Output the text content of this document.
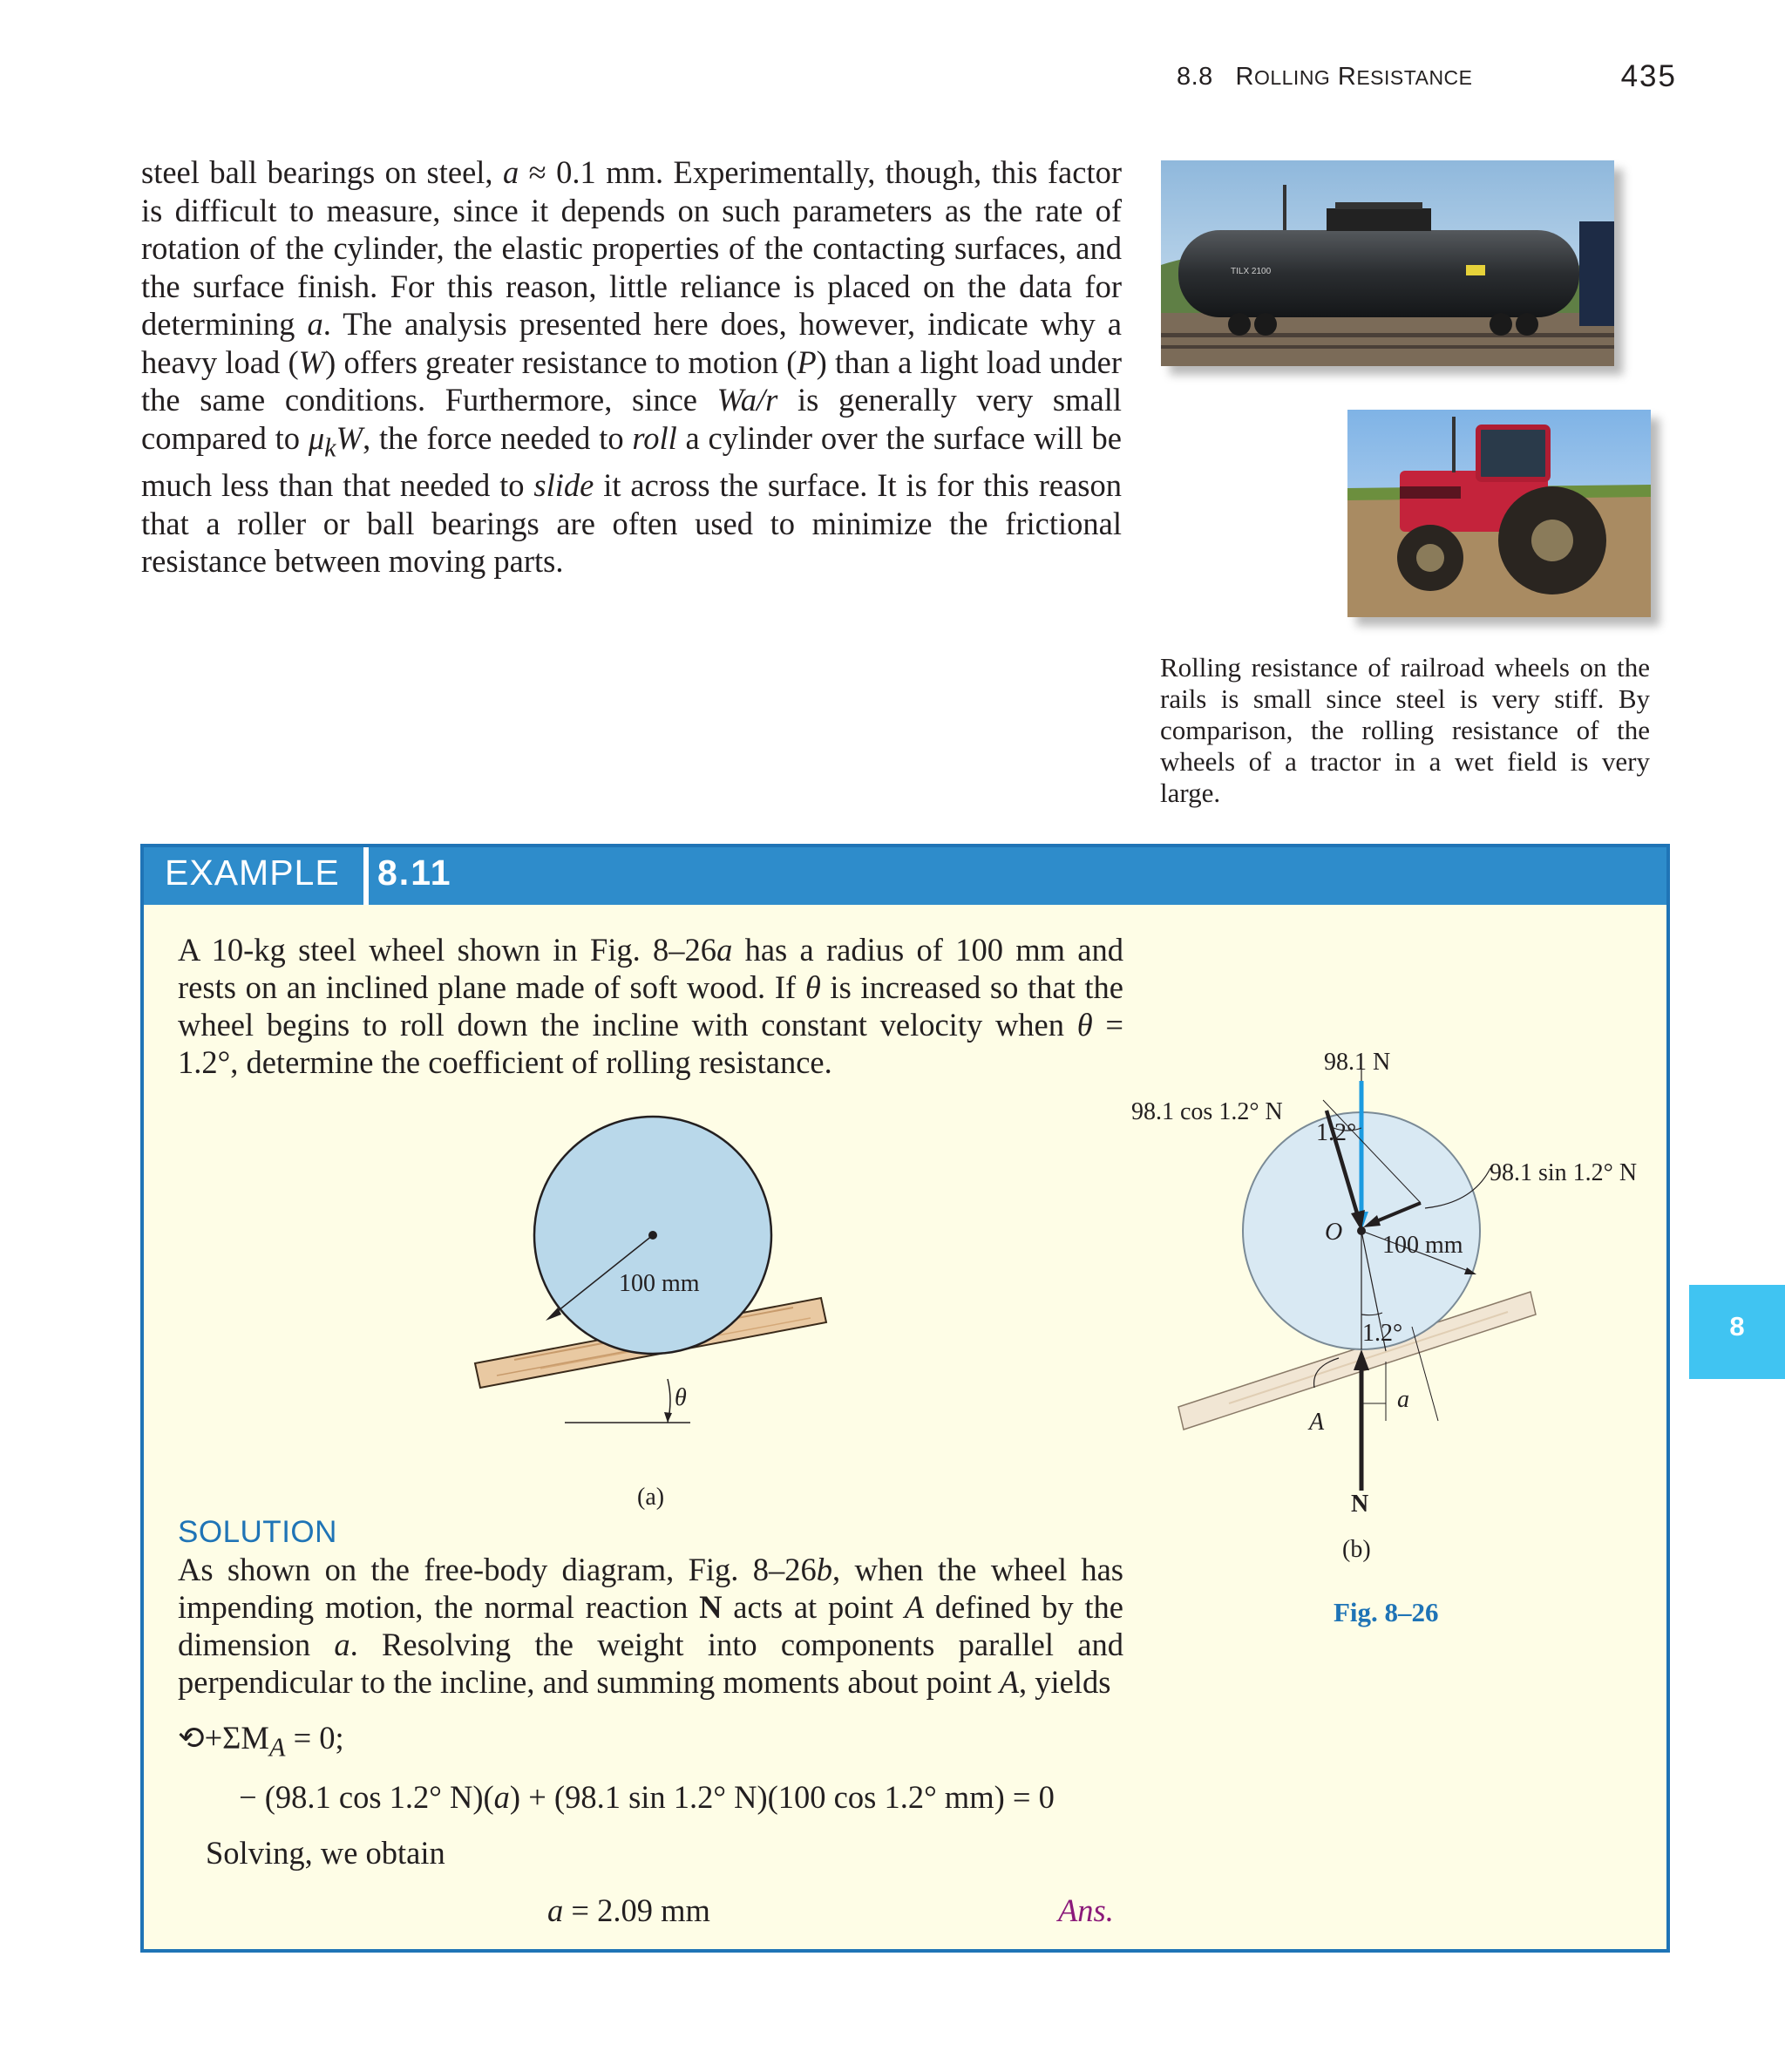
8.8 ROLLING RESISTANCE	435

steel ball bearings on steel, a ≈ 0.1 mm. Experimentally, though, this factor is difficult to measure, since it depends on such parameters as the rate of rotation of the cylinder, the elastic properties of the contacting surfaces, and the surface finish. For this reason, little reliance is placed on the data for determining a. The analysis presented here does, however, indicate why a heavy load (W) offers greater resistance to motion (P) than a light load under the same conditions. Furthermore, since Wa/r is generally very small compared to $\mu_kW$, the force needed to roll a cylinder over the surface will be much less than that needed to slide it across the surface. It is for this reason that a roller or ball bearings are often used to minimize the frictional resistance between moving parts.

TILX 2100
Rolling resistance of railroad wheels on the rails is small since steel is very stiff. By comparison, the rolling resistance of the wheels of a tractor in a wet field is very large.
EXAMPLE 8.11
A 10-kg steel wheel shown in Fig. 8–26a has a radius of 100 mm and rests on an inclined plane made of soft wood. If θ is increased so that the wheel begins to roll down the incline with constant velocity when θ = 1.2°, determine the coefficient of rolling resistance.
100 mm
θ
(a)
98.1 N
98.1 cos 1.2° N
98.1 sin 1.2° N
1.2°
O 100 mm
1.2°
a
A
N
(b)
Fig. 8–26
SOLUTION
As shown on the free-body diagram, Fig. 8–26b, when the wheel has impending motion, the normal reaction N acts at point A defined by the dimension a. Resolving the weight into components parallel and perpendicular to the incline, and summing moments about point A, yields
$⟲+\Sigma M_A = 0$;
− (98.1 cos 1.2° N)(a) + (98.1 sin 1.2° N)(100 cos 1.2° mm) = 0
Solving, we obtain
a = 2.09 mm	Ans.
8
